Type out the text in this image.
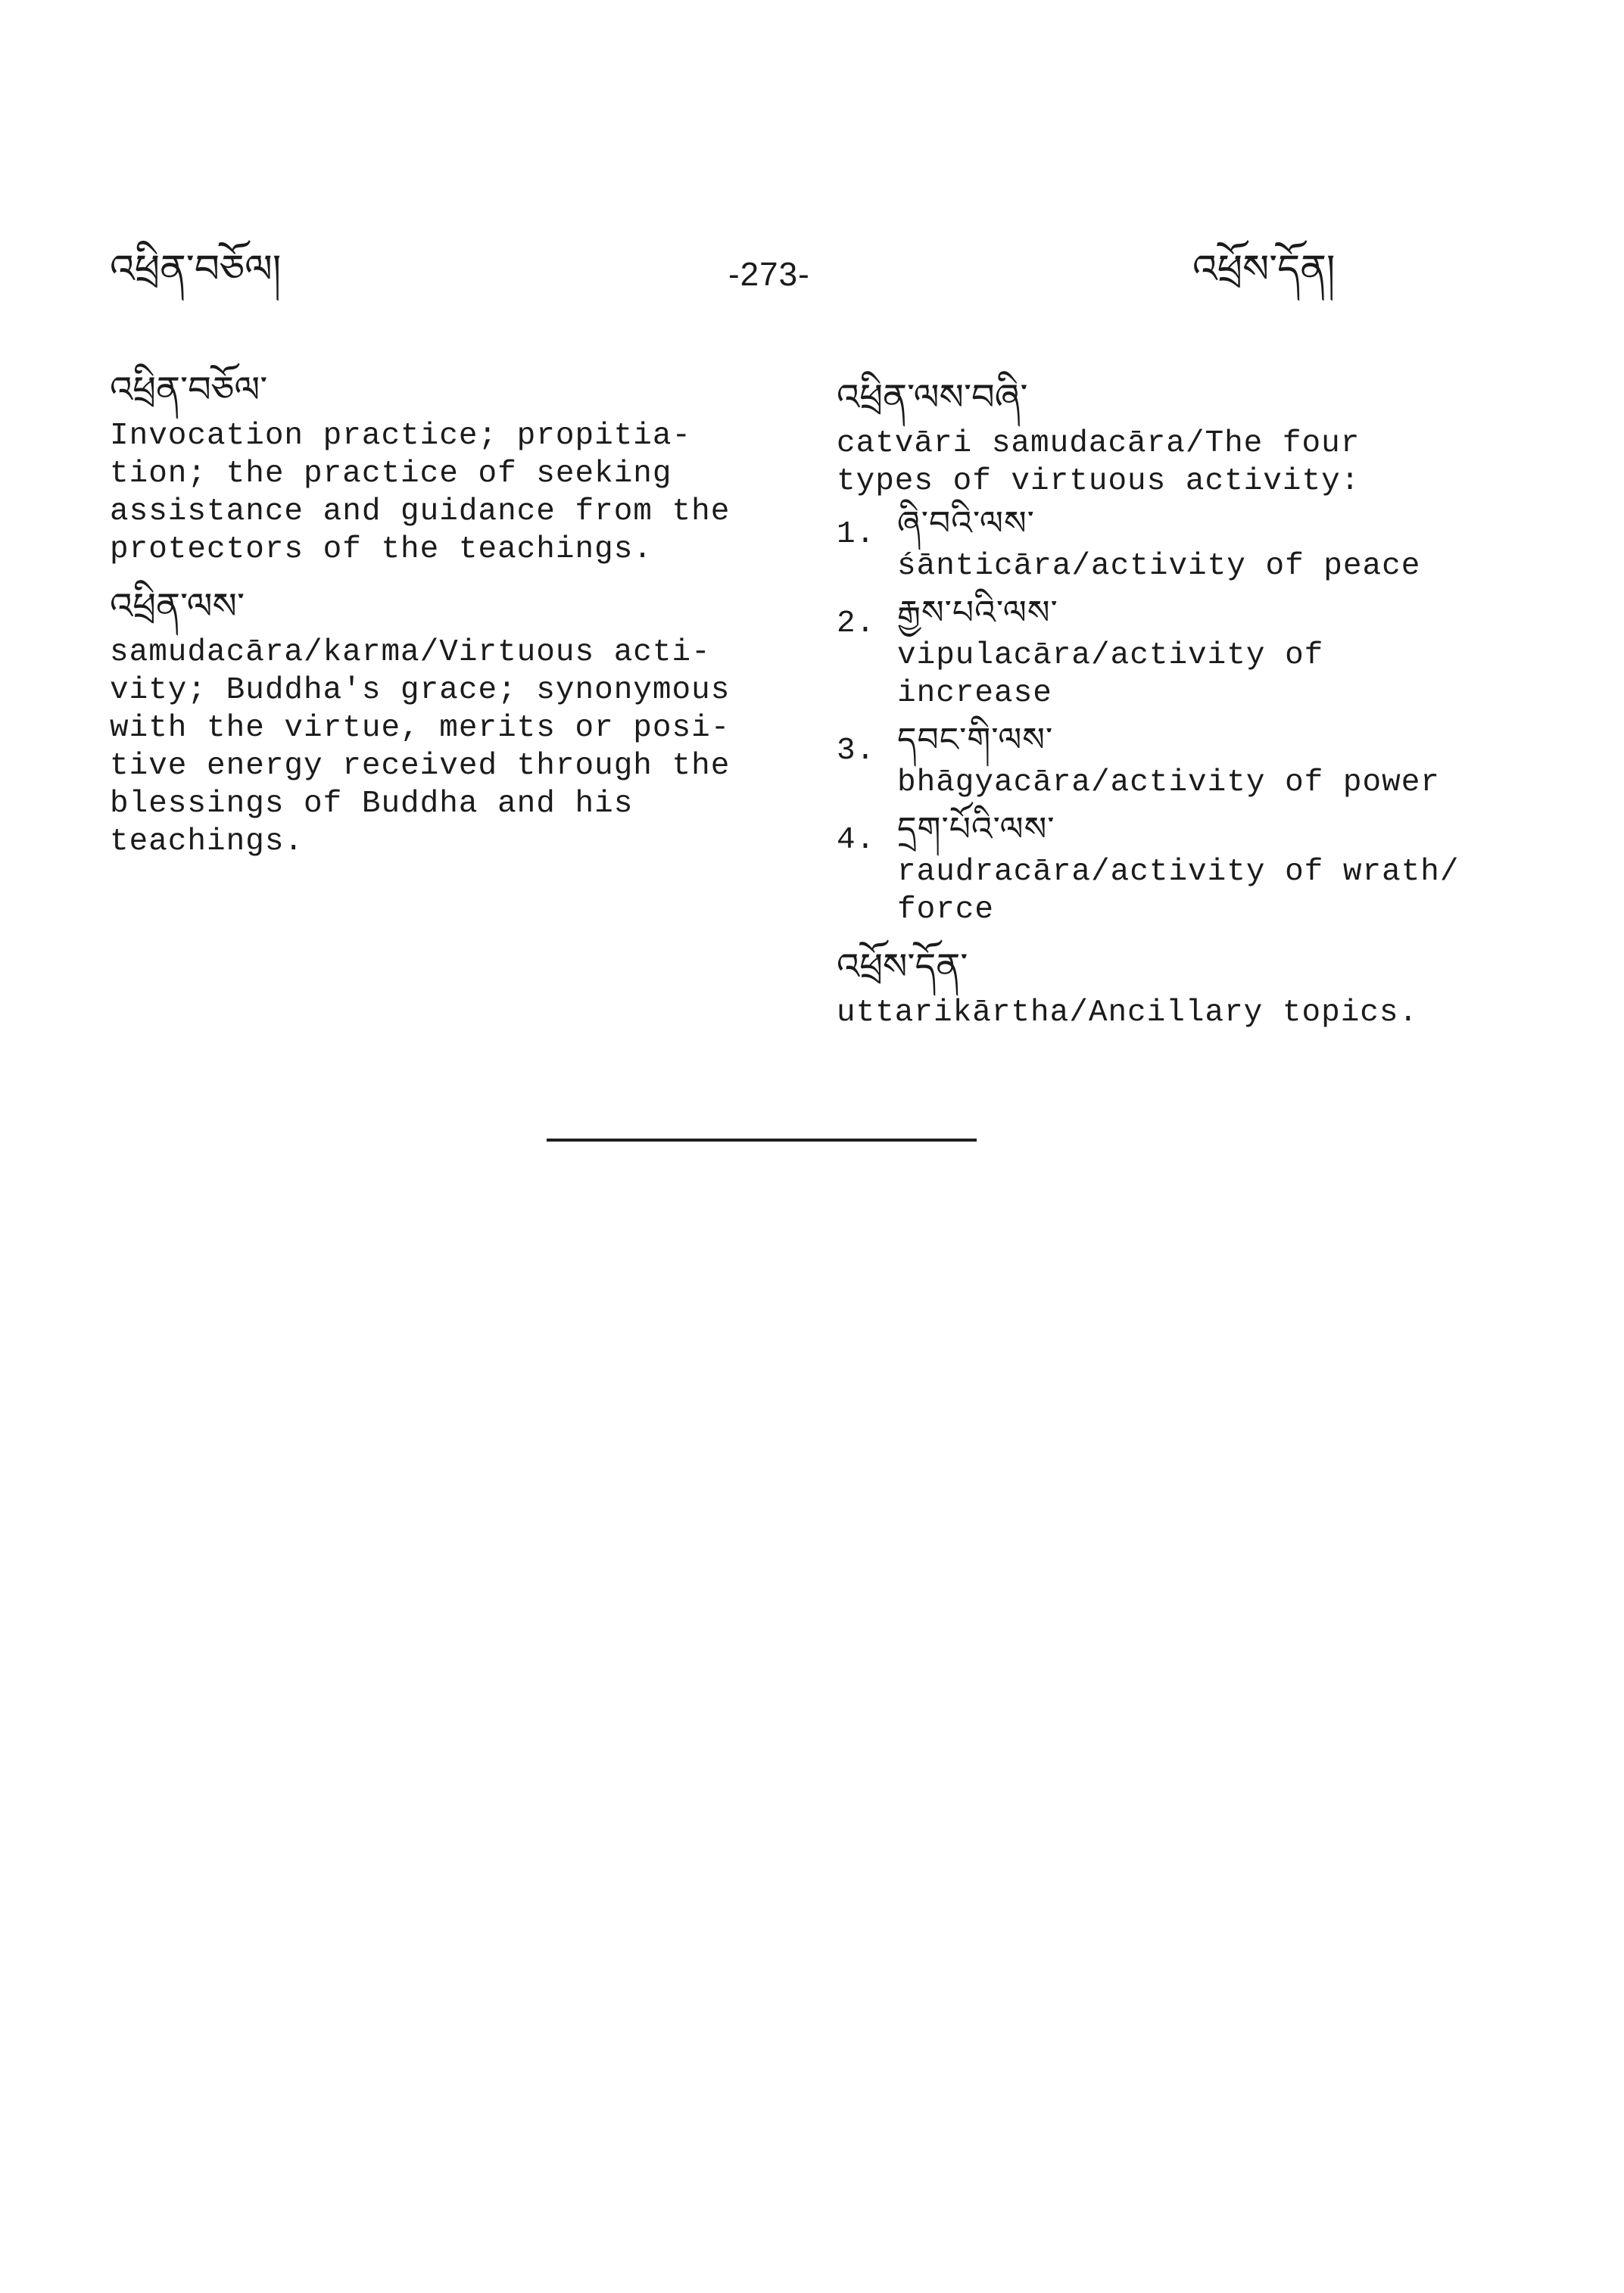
འཕྲིན་བཅོལ།	-273-	འཕྲོས་དོན།
འཕྲིན་བཅོལ་

Invocation practice; propitia-
tion; the practice of seeking
assistance and guidance from the
protectors of the teachings.

འཕྲིན་ལས་

samudacāra/karma/Virtuous acti-
vity; Buddha's grace; synonymous
with the virtue, merits or posi-
tive energy received through the
blessings of Buddha and his
teachings.

འཕྲིན་ལས་བཞི་

catvāri samudacāra/The four
types of virtuous activity:

1. ཞི་བའི་ལས་
śānticāra/activity of peace
2. རྒྱས་པའི་ལས་
vipulacāra/activity of
increase
3. དབང་གི་ལས་
bhāgyacāra/activity of power
4. དྲག་པོའི་ལས་
raudracāra/activity of wrath/
force
འཕྲོས་དོན་

uttarikārtha/Ancillary topics.
